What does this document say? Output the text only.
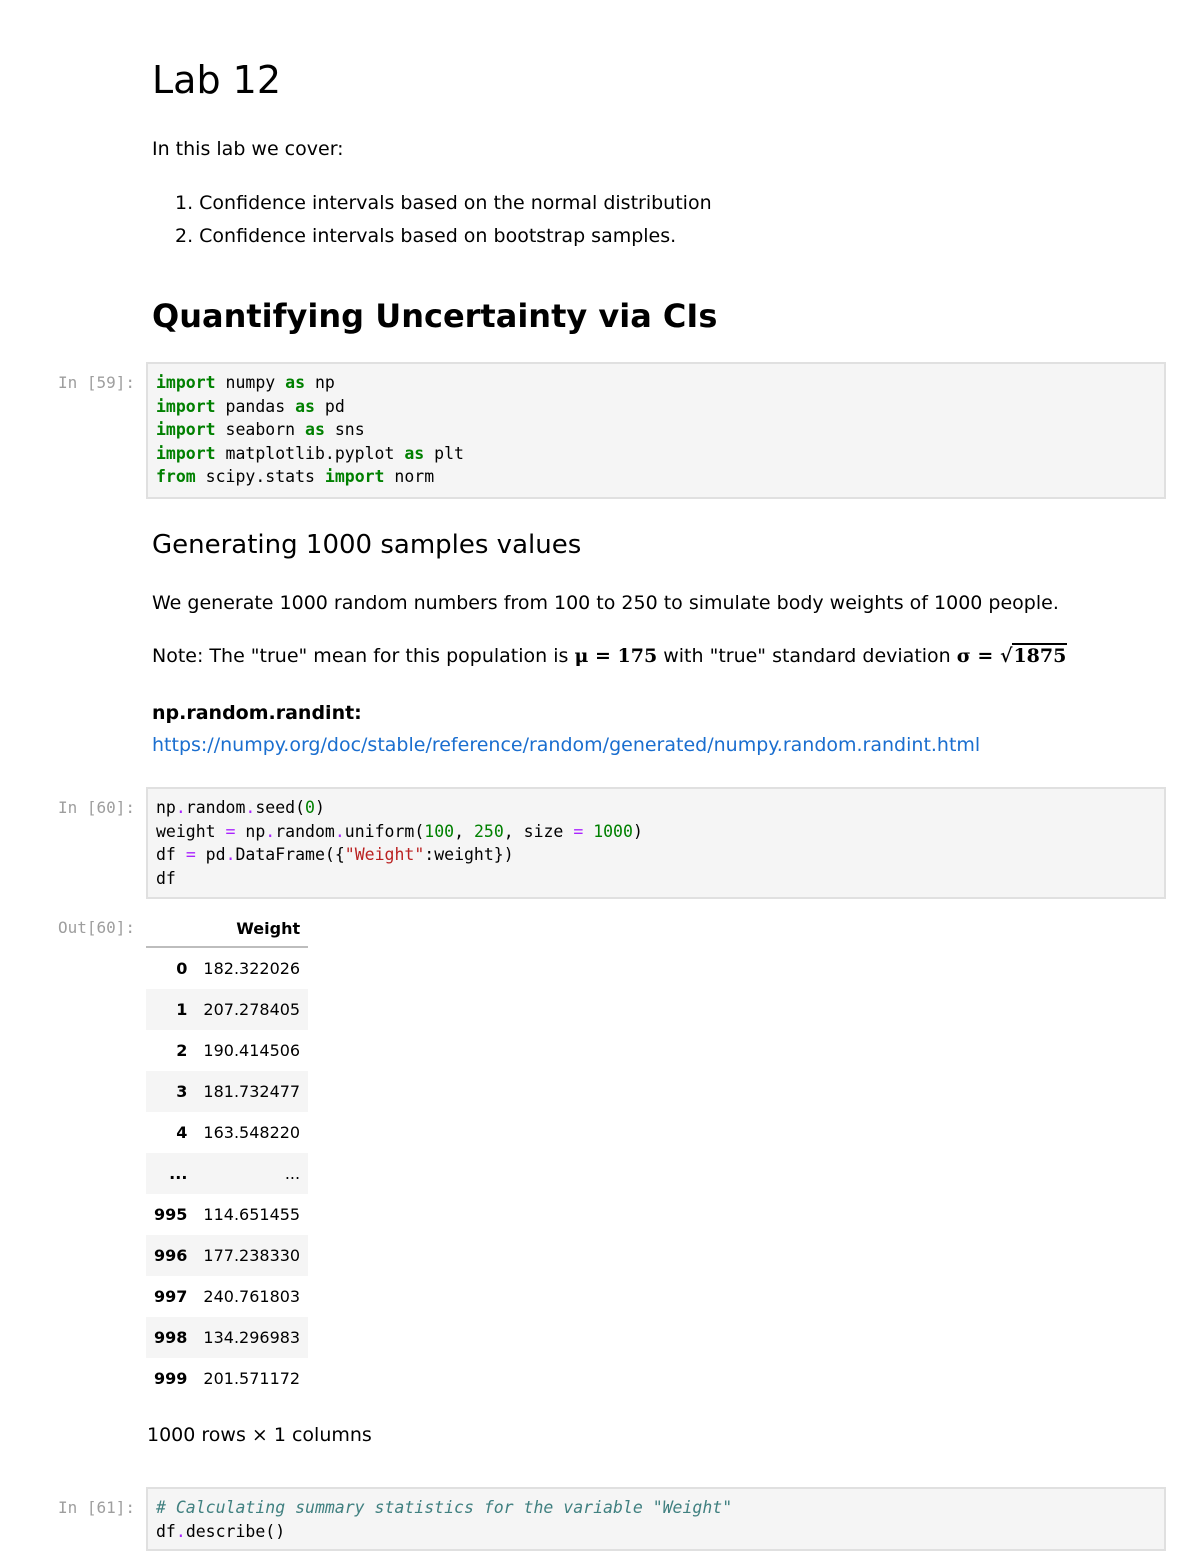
Lab 12

In this lab we cover:

1. Confidence intervals based on the normal distribution
2. Confidence intervals based on bootstrap samples.
Quantifying Uncertainty via CIs
In [59]:	import numpy as np
import pandas as pd
import seaborn as sns
import matplotlib.pyplot as plt
from scipy.stats import norm
Generating 1000 samples values

We generate 1000 random numbers from 100 to 250 to simulate body weights of 1000 people.

Note: The "true" mean for this population is μ = 175 with "true" standard deviation σ = √1875

np.random.randint:

https://numpy.org/doc/stable/reference/random/generated/numpy.random.randint.html

In [60]:	np.random.seed(0)
weight = np.random.uniform(100, 250, size = 1000)
df = pd.DataFrame({"Weight":weight})
df
Out[60]:
		Weight
0	182.322026
1	207.278405
2	190.414506
3	181.732477
4	163.548220
...	...
995	114.651455
996	177.238330
997	240.761803
998	134.296983
999	201.571172

1000 rows × 1 columns

In [61]:	# Calculating summary statistics for the variable "Weight"
df.describe()
